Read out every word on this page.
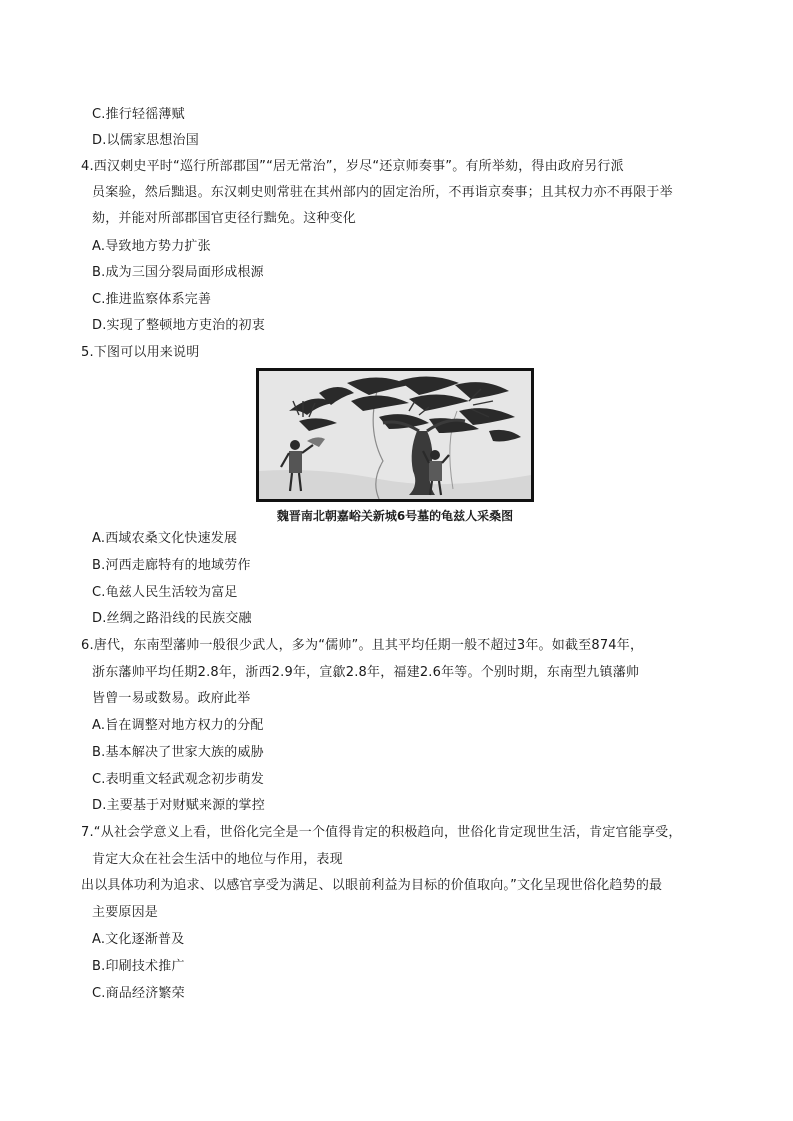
C.推行轻徭薄赋
D.以儒家思想治国
4.西汉刺史平时“巡行所部郡国”“居无常治”，岁尽“还京师奏事”。有所举劾，得由政府另行派
员案验，然后黜退。东汉刺史则常驻在其州部内的固定治所，不再诣京奏事；且其权力亦不再限于举
劾，并能对所部郡国官吏径行黜免。这种变化
A.导致地方势力扩张
B.成为三国分裂局面形成根源
C.推进监察体系完善
D.实现了整顿地方吏治的初衷
5.下图可以用来说明
魏晋南北朝嘉峪关新城6号墓的龟兹人采桑图
A.西域农桑文化快速发展
B.河西走廊特有的地域劳作
C.龟兹人民生活较为富足
D.丝绸之路沿线的民族交融
6.唐代，东南型藩帅一般很少武人，多为“儒帅”。且其平均任期一般不超过3年。如截至874年，
浙东藩帅平均任期2.8年，浙西2.9年，宣歙2.8年，福建2.6年等。个别时期，东南型九镇藩帅
皆曾一易或数易。政府此举
A.旨在调整对地方权力的分配
B.基本解决了世家大族的威胁
C.表明重文轻武观念初步萌发
D.主要基于对财赋来源的掌控
7.“从社会学意义上看，世俗化完全是一个值得肯定的积极趋向，世俗化肯定现世生活，肯定官能享受，
肯定大众在社会生活中的地位与作用，表现
出以具体功利为追求、以感官享受为满足、以眼前利益为目标的价值取向。”文化呈现世俗化趋势的最
主要原因是
A.文化逐渐普及
B.印刷技术推广
C.商品经济繁荣
